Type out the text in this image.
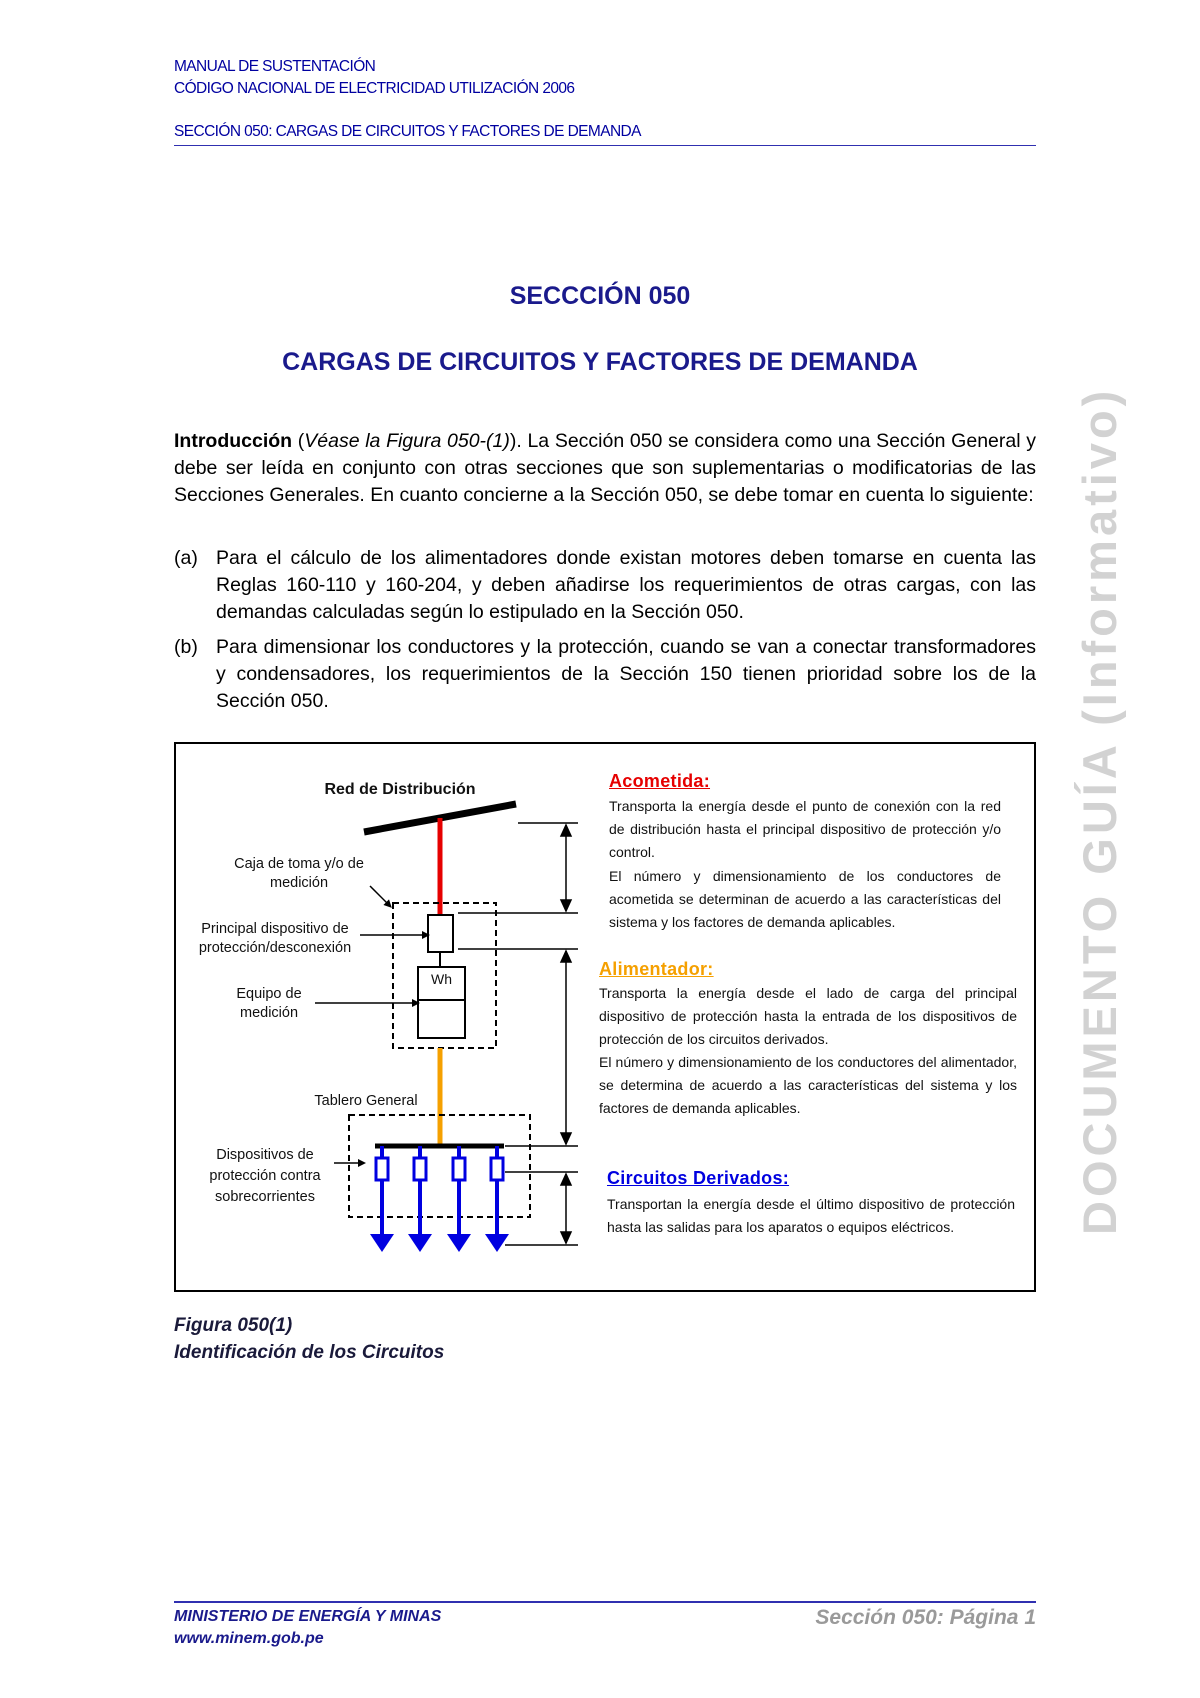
MANUAL DE SUSTENTACIÓN
CÓDIGO NACIONAL DE ELECTRICIDAD UTILIZACIÓN 2006
SECCIÓN 050: CARGAS DE CIRCUITOS Y FACTORES DE DEMANDA
SECCCIÓN 050
CARGAS DE CIRCUITOS Y FACTORES DE DEMANDA
Introducción (Véase la Figura 050-(1)). La Sección 050 se considera como una Sección General y debe ser leída en conjunto con otras secciones que son suplementarias o modificatorias de las Secciones Generales. En cuanto concierne a la Sección 050, se debe tomar en cuenta lo siguiente:
(a) Para el cálculo de los alimentadores donde existan motores deben tomarse en cuenta las Reglas 160-110 y 160-204, y deben añadirse los requerimientos de otras cargas, con las demandas calculadas según lo estipulado en la Sección 050.
(b) Para dimensionar los conductores y la protección, cuando se van a conectar transformadores y condensadores, los requerimientos de la Sección 150 tienen prioridad sobre los de la Sección 050.
Red de Distribución
Caja de toma y/o de medición
Principal dispositivo de protección/desconexión
Equipo de medición
Wh
Tablero General
Dispositivos de protección contra sobrecorrientes
Acometida:
Transporta la energía desde el punto de conexión con la red de distribución hasta el principal dispositivo de protección y/o control.
El número y dimensionamiento de los conductores de acometida se determinan de acuerdo a las características del sistema y los factores de demanda aplicables.
Alimentador:
Transporta la energía desde el lado de carga del principal dispositivo de protección hasta la entrada de los dispositivos de protección de los circuitos derivados.
El número y dimensionamiento de los conductores del alimentador, se determina de acuerdo a las características del sistema y los factores de demanda aplicables.
Circuitos Derivados:
Transportan la energía desde el último dispositivo de protección hasta las salidas para los aparatos o equipos eléctricos.
Figura 050(1)
Identificación de los Circuitos
DOCUMENTO GUÍA (Informativo)
MINISTERIO DE ENERGÍA Y MINAS
www.minem.gob.pe
Sección 050: Página 1
